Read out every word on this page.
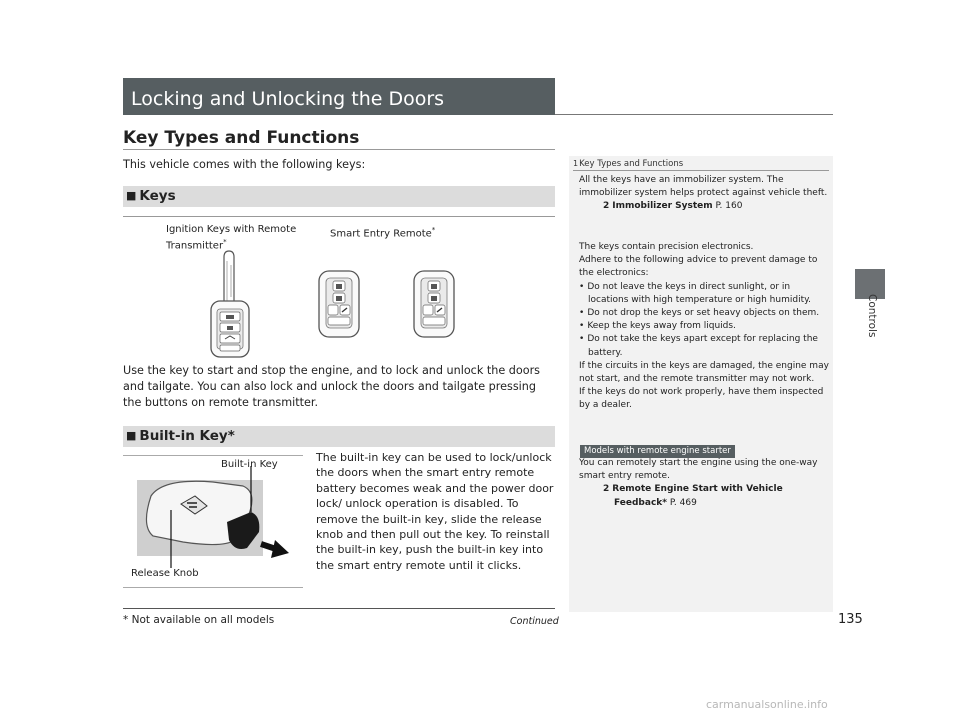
Locking and Unlocking the Doors
Key Types and Functions
This vehicle comes with the following keys:
■ Keys
Ignition Keys with Remote
Transmitter*
Smart Entry Remote*
Use the key to start and stop the engine, and to lock and unlock the doors and tailgate. You can also lock and unlock the doors and tailgate pressing the buttons on remote transmitter.
■ Built-in Key*
Built-in Key
Release Knob
The built-in key can be used to lock/unlock the doors when the smart entry remote battery becomes weak and the power door lock/ unlock operation is disabled. To remove the built-in key, slide the release knob and then pull out the key. To reinstall the built-in key, push the built-in key into the smart entry remote until it clicks.
1Key Types and Functions

All the keys have an immobilizer system. The immobilizer system helps protect against vehicle theft.

2 Immobilizer System P. 160

The keys contain precision electronics.

Adhere to the following advice to prevent damage to the electronics:

• Do not leave the keys in direct sunlight, or in locations with high temperature or high humidity.
• Do not drop the keys or set heavy objects on them.
• Keep the keys away from liquids.
• Do not take the keys apart except for replacing the battery.

If the circuits in the keys are damaged, the engine may not start, and the remote transmitter may not work.

If the keys do not work properly, have them inspected by a dealer.

Models with remote engine starter

You can remotely start the engine using the one-way smart entry remote.

2 Remote Engine Start with Vehicle
Feedback* P. 469

Controls
* Not available on all models	Continued	135
carmanualsonline.info
